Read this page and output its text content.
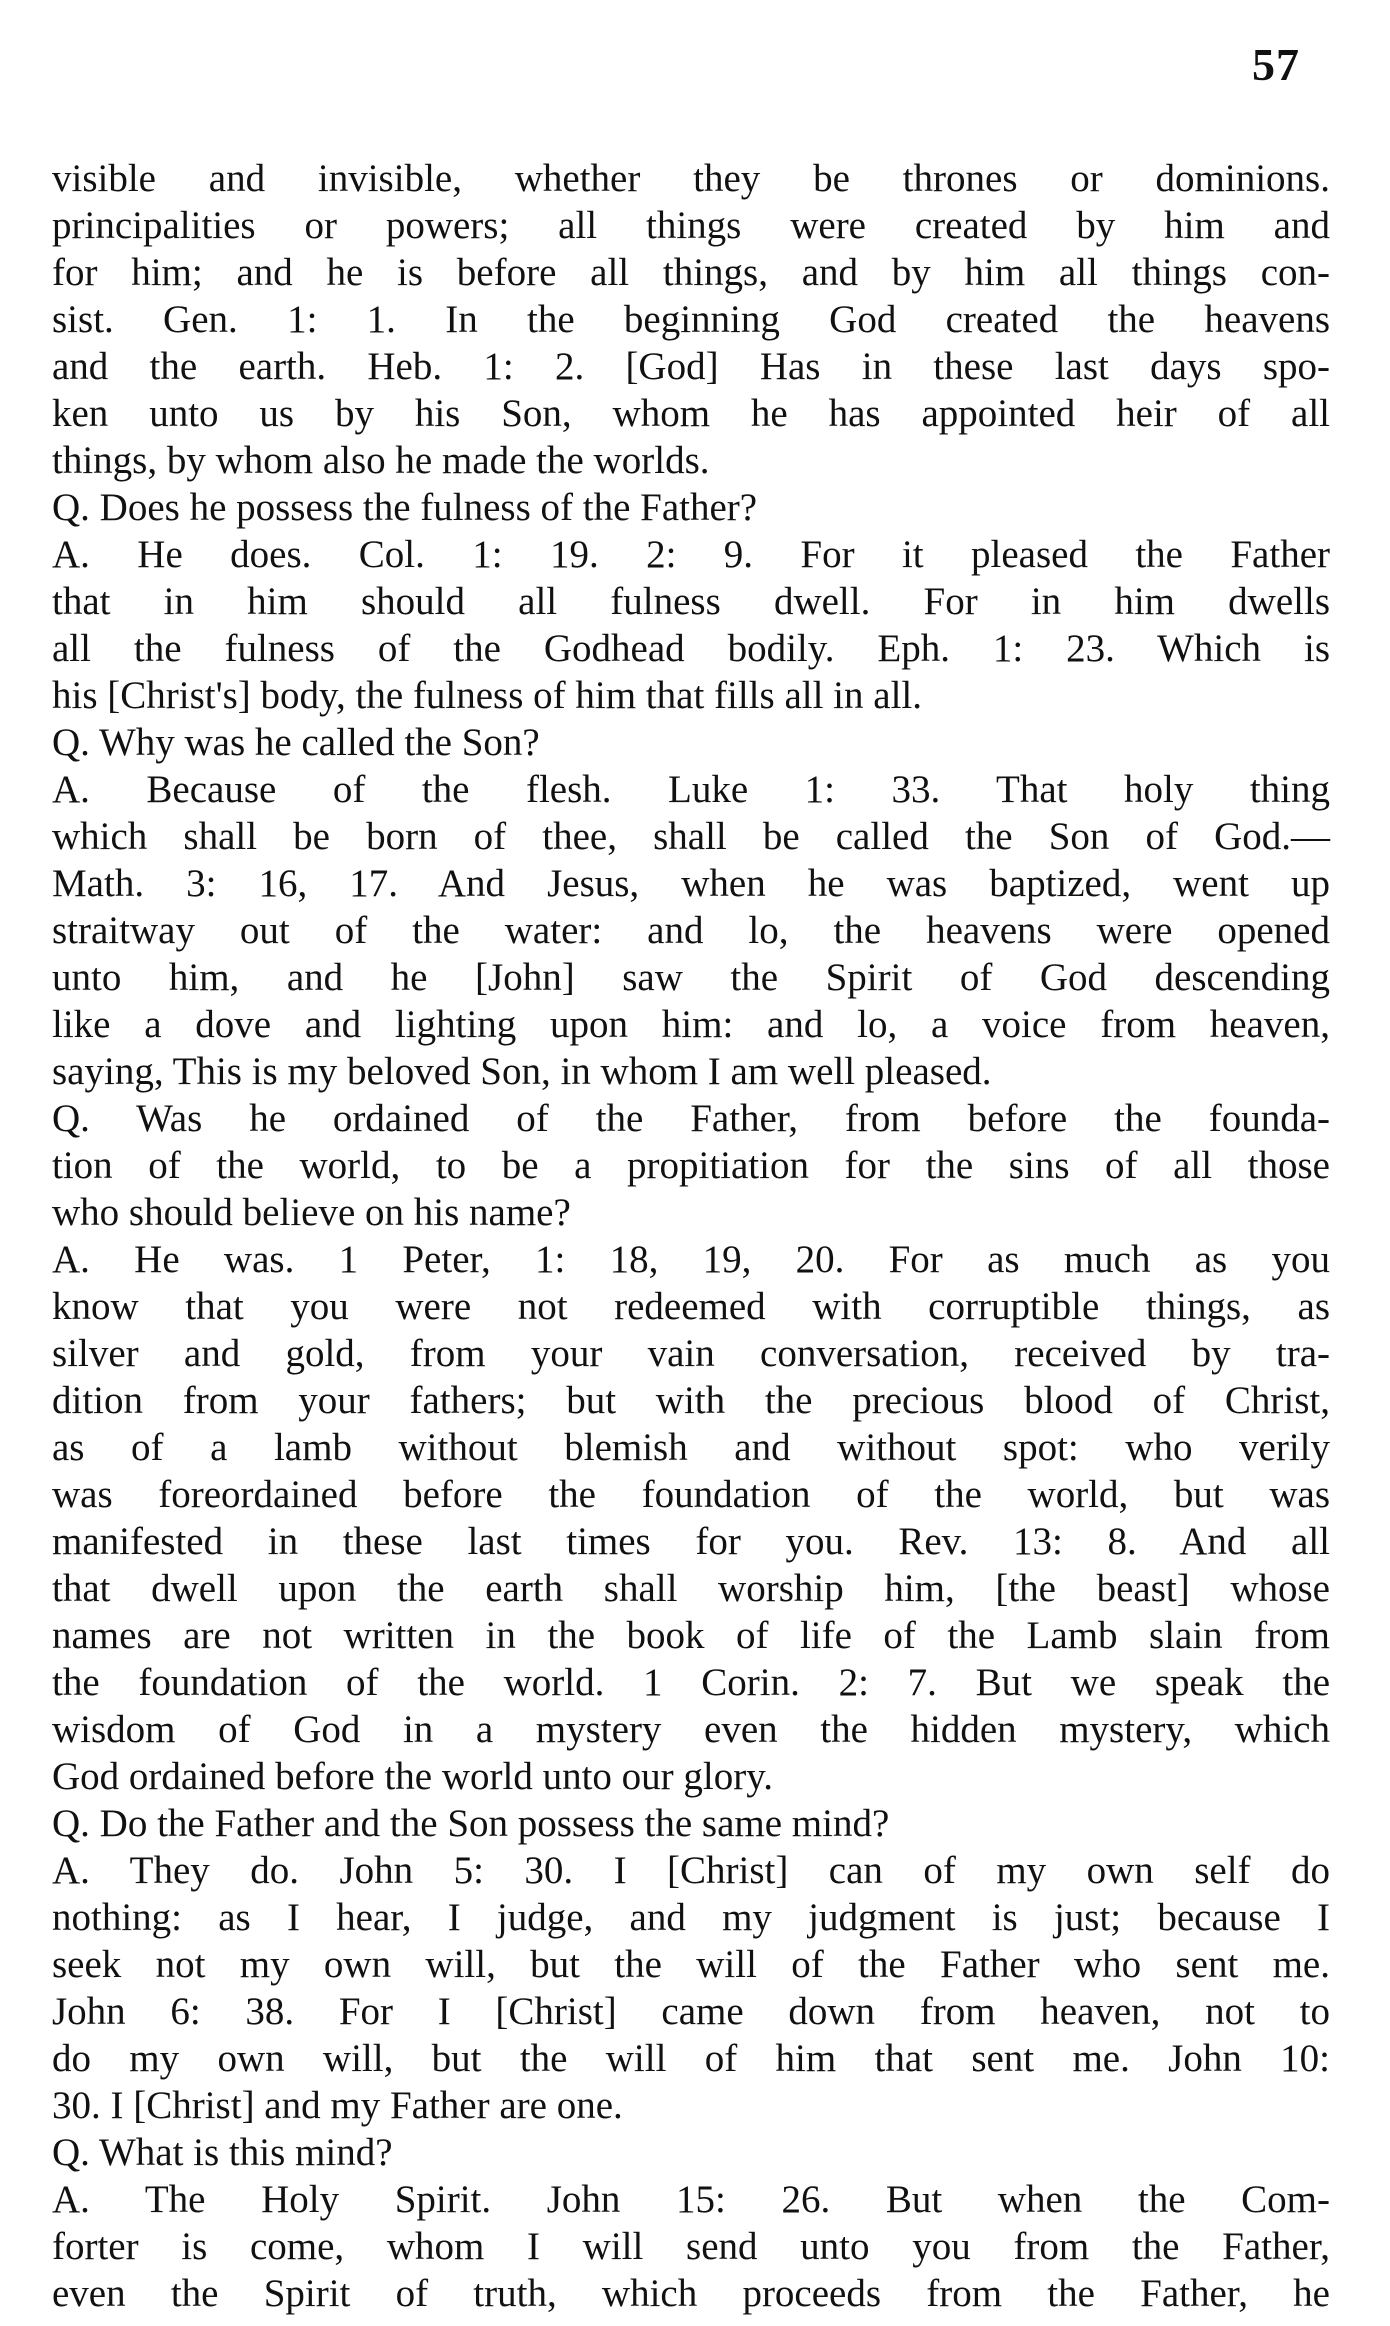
57
visible and invisible, whether they be thrones or dominions.
principalities or powers; all things were created by him and
for him; and he is before all things, and by him all things con-
sist. Gen. 1: 1. In the beginning God created the heavens
and the earth. Heb. 1: 2. [God] Has in these last days spo-
ken unto us by his Son, whom he has appointed heir of all
things, by whom also he made the worlds.
Q. Does he possess the fulness of the Father?
A. He does. Col. 1: 19. 2: 9. For it pleased the Father
that in him should all fulness dwell. For in him dwells
all the fulness of the Godhead bodily. Eph. 1: 23. Which is
his [Christ's] body, the fulness of him that fills all in all.
Q. Why was he called the Son?
A. Because of the flesh. Luke 1: 33. That holy thing
which shall be born of thee, shall be called the Son of God.—
Math. 3: 16, 17. And Jesus, when he was baptized, went up
straitway out of the water: and lo, the heavens were opened
unto him, and he [John] saw the Spirit of God descending
like a dove and lighting upon him: and lo, a voice from heaven,
saying, This is my beloved Son, in whom I am well pleased.
Q. Was he ordained of the Father, from before the founda-
tion of the world, to be a propitiation for the sins of all those
who should believe on his name?
A. He was. 1 Peter, 1: 18, 19, 20. For as much as you
know that you were not redeemed with corruptible things, as
silver and gold, from your vain conversation, received by tra-
dition from your fathers; but with the precious blood of Christ,
as of a lamb without blemish and without spot: who verily
was foreordained before the foundation of the world, but was
manifested in these last times for you. Rev. 13: 8. And all
that dwell upon the earth shall worship him, [the beast] whose
names are not written in the book of life of the Lamb slain from
the foundation of the world. 1 Corin. 2: 7. But we speak the
wisdom of God in a mystery even the hidden mystery, which
God ordained before the world unto our glory.
Q. Do the Father and the Son possess the same mind?
A. They do. John 5: 30. I [Christ] can of my own self do
nothing: as I hear, I judge, and my judgment is just; because I
seek not my own will, but the will of the Father who sent me.
John 6: 38. For I [Christ] came down from heaven, not to
do my own will, but the will of him that sent me. John 10:
30. I [Christ] and my Father are one.
Q. What is this mind?
A. The Holy Spirit. John 15: 26. But when the Com-
forter is come, whom I will send unto you from the Father,
even the Spirit of truth, which proceeds from the Father, he
